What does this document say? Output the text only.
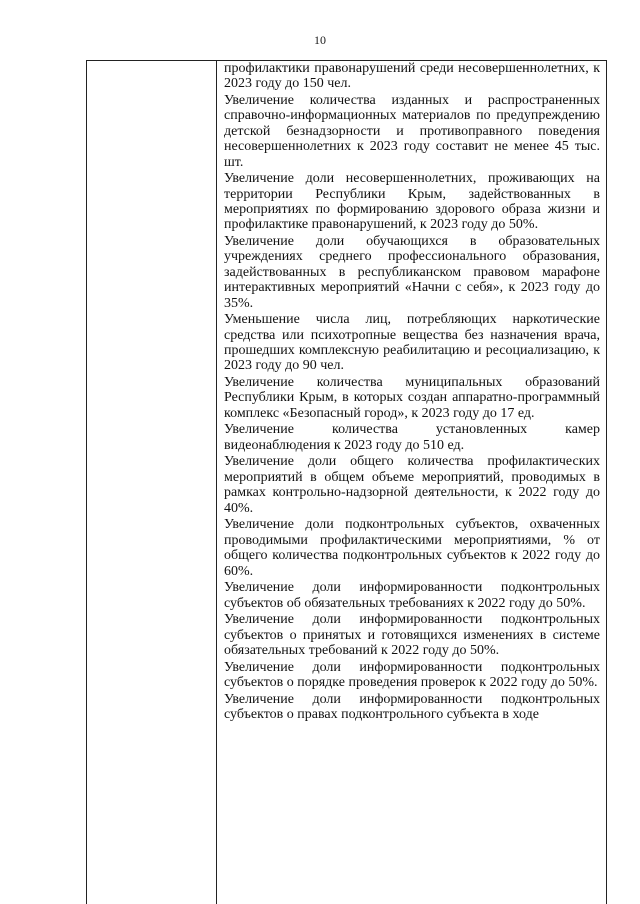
10

профилактики правонарушений среди несовершеннолетних, к 2023 году до 150 чел.

Увеличение количества изданных и распространенных справочно-информационных материалов по предупреждению детской безнадзорности и противоправного поведения несовершеннолетних к 2023 году составит не менее 45 тыс. шт.

Увеличение доли несовершеннолетних, проживающих на территории Республики Крым, задействованных в мероприятиях по формированию здорового образа жизни и профилактике правонарушений, к 2023 году до 50%.

Увеличение доли обучающихся в образовательных учреждениях среднего профессионального образования, задействованных в республиканском правовом марафоне интерактивных мероприятий «Начни с себя», к 2023 году до 35%.

Уменьшение числа лиц, потребляющих наркотические средства или психотропные вещества без назначения врача, прошедших комплексную реабилитацию и ресоциализацию, к 2023 году до 90 чел.

Увеличение количества муниципальных образований Республики Крым, в которых создан аппаратно-программный комплекс «Безопасный город», к 2023 году до 17 ед.

Увеличение количества установленных камер видеонаблюдения к 2023 году до 510 ед.

Увеличение доли общего количества профилактических мероприятий в общем объеме мероприятий, проводимых в рамках контрольно-надзорной деятельности, к 2022 году до 40%.

Увеличение доли подконтрольных субъектов, охваченных проводимыми профилактическими мероприятиями, % от общего количества подконтрольных субъектов к 2022 году до 60%.

Увеличение доли информированности подконтрольных субъектов об обязательных требованиях к 2022 году до 50%.

Увеличение доли информированности подконтрольных субъектов о принятых и готовящихся изменениях в системе обязательных требований к 2022 году до 50%.

Увеличение доли информированности подконтрольных субъектов о порядке проведения проверок к 2022 году до 50%.

Увеличение доли информированности подконтрольных субъектов о правах подконтрольного субъекта в ходе
